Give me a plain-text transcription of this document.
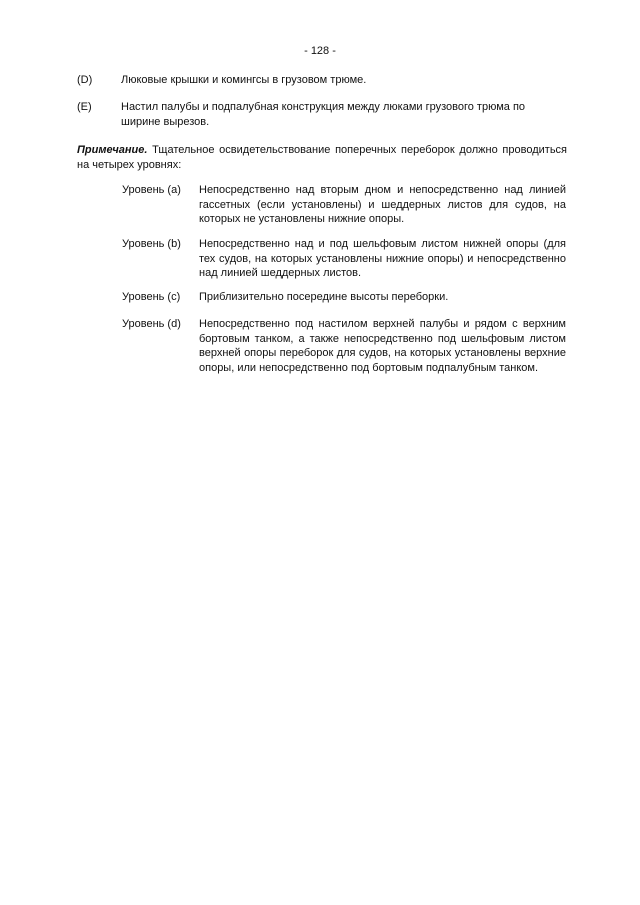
- 128 -
(D)	Люковые крышки и комингсы в грузовом трюме.
(E)	Настил палубы и подпалубная конструкция между люками грузового трюма по ширине вырезов.
Примечание. Тщательное освидетельствование поперечных переборок должно проводиться на четырех уровнях:
Уровень (a) Непосредственно над вторым дном и непосредственно над линией гассетных (если установлены) и шеддерных листов для судов, на которых не установлены нижние опоры.
Уровень (b) Непосредственно над и под шельфовым листом нижней опоры (для тех судов, на которых установлены нижние опоры) и непосредственно над линией шеддерных листов.
Уровень (c) Приблизительно посередине высоты переборки.
Уровень (d) Непосредственно под настилом верхней палубы и рядом с верхним бортовым танком, а также непосредственно под шельфовым листом верхней опоры переборок для судов, на которых установлены верхние опоры, или непосредственно под бортовым подпалубным танком.
